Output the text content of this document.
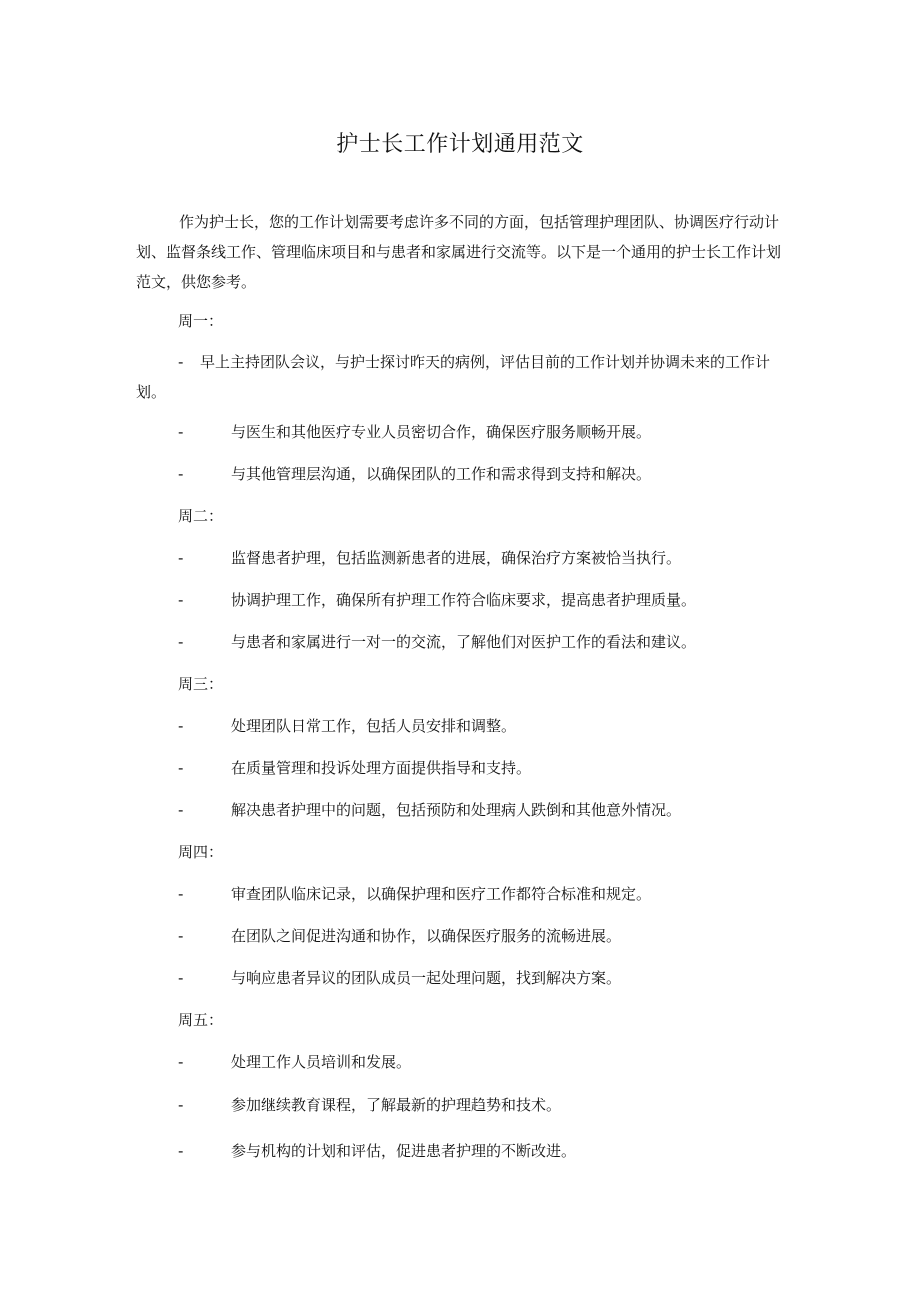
护士长工作计划通用范文
作为护士长，您的工作计划需要考虑许多不同的方面，包括管理护理团队、协调医疗行动计划、监督条线工作、管理临床项目和与患者和家属进行交流等。以下是一个通用的护士长工作计划范文，供您参考。
周一：
- 早上主持团队会议，与护士探讨昨天的病例，评估目前的工作计划并协调未来的工作计划。
-	与医生和其他医疗专业人员密切合作，确保医疗服务顺畅开展。
-	与其他管理层沟通，以确保团队的工作和需求得到支持和解决。
周二：
-	监督患者护理，包括监测新患者的进展，确保治疗方案被恰当执行。
-	协调护理工作，确保所有护理工作符合临床要求，提高患者护理质量。
-	与患者和家属进行一对一的交流，了解他们对医护工作的看法和建议。
周三：
-	处理团队日常工作，包括人员安排和调整。
-	在质量管理和投诉处理方面提供指导和支持。
-	解决患者护理中的问题，包括预防和处理病人跌倒和其他意外情况。
周四：
-	审查团队临床记录，以确保护理和医疗工作都符合标准和规定。
-	在团队之间促进沟通和协作，以确保医疗服务的流畅进展。
-	与响应患者异议的团队成员一起处理问题，找到解决方案。
周五：
-	处理工作人员培训和发展。
-	参加继续教育课程，了解最新的护理趋势和技术。
-	参与机构的计划和评估，促进患者护理的不断改进。
